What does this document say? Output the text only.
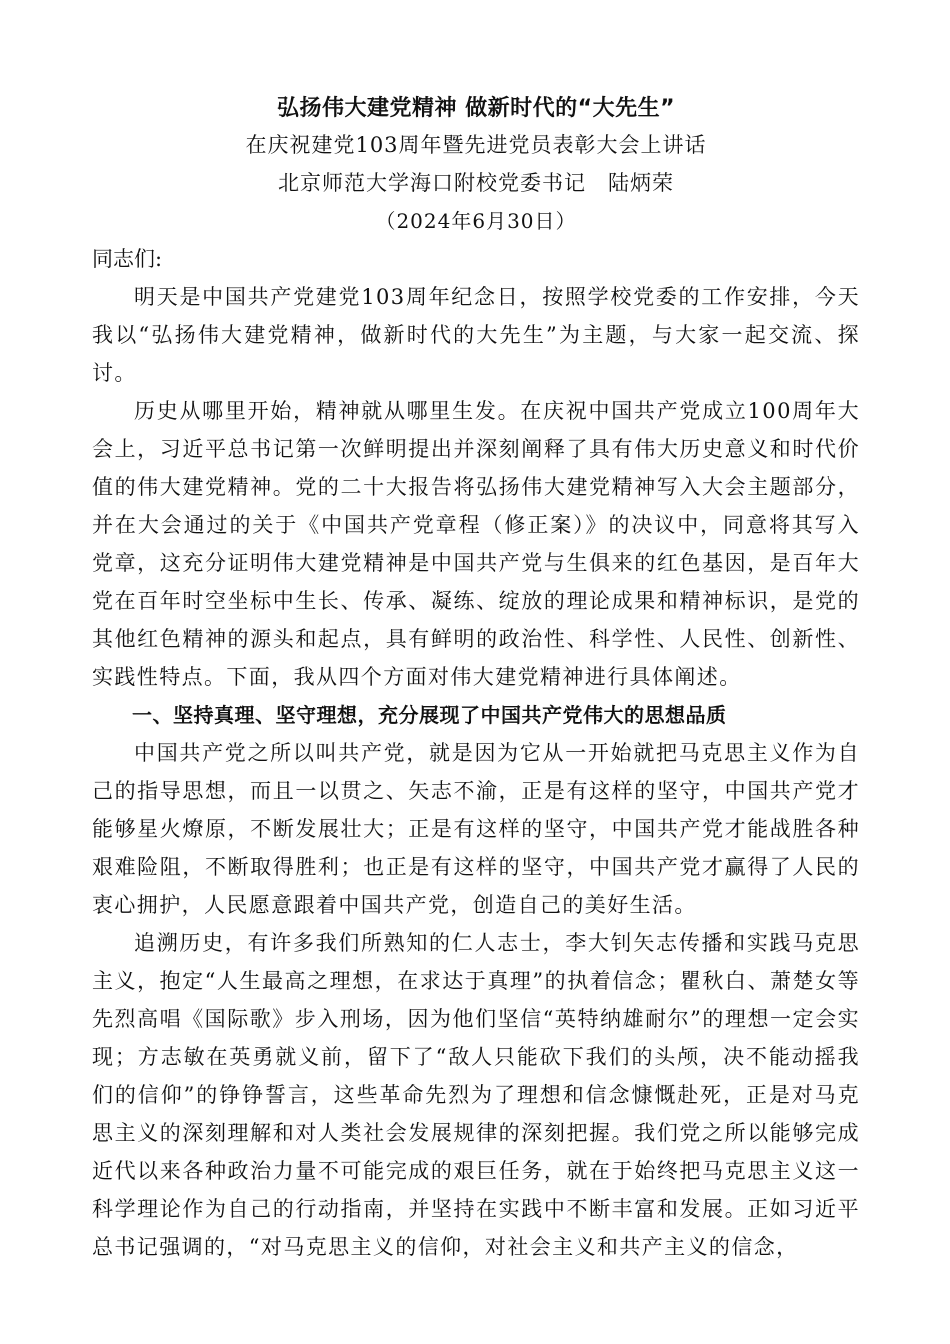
弘扬伟大建党精神 做新时代的“大先生”

在庆祝建党103周年暨先进党员表彰大会上讲话

北京师范大学海口附校党委书记　陆炳荣

（2024年6月30日）

同志们:

明天是中国共产党建党103周年纪念日，按照学校党委的工作安排，今天我以“弘扬伟大建党精神，做新时代的大先生”为主题，与大家一起交流、探讨。

历史从哪里开始，精神就从哪里生发。在庆祝中国共产党成立100周年大会上，习近平总书记第一次鲜明提出并深刻阐释了具有伟大历史意义和时代价值的伟大建党精神。党的二十大报告将弘扬伟大建党精神写入大会主题部分，并在大会通过的关于《中国共产党章程（修正案）》的决议中，同意将其写入党章，这充分证明伟大建党精神是中国共产党与生俱来的红色基因，是百年大党在百年时空坐标中生长、传承、凝练、绽放的理论成果和精神标识，是党的其他红色精神的源头和起点，具有鲜明的政治性、科学性、人民性、创新性、实践性特点。下面，我从四个方面对伟大建党精神进行具体阐述。

一、坚持真理、坚守理想，充分展现了中国共产党伟大的思想品质

中国共产党之所以叫共产党，就是因为它从一开始就把马克思主义作为自己的指导思想，而且一以贯之、矢志不渝，正是有这样的坚守，中国共产党才能够星火燎原，不断发展壮大；正是有这样的坚守，中国共产党才能战胜各种艰难险阻，不断取得胜利；也正是有这样的坚守，中国共产党才赢得了人民的衷心拥护，人民愿意跟着中国共产党，创造自己的美好生活。

追溯历史，有许多我们所熟知的仁人志士，李大钊矢志传播和实践马克思主义，抱定“人生最高之理想，在求达于真理”的执着信念；瞿秋白、萧楚女等先烈高唱《国际歌》步入刑场，因为他们坚信“英特纳雄耐尔”的理想一定会实现；方志敏在英勇就义前，留下了“敌人只能砍下我们的头颅，决不能动摇我们的信仰”的铮铮誓言，这些革命先烈为了理想和信念慷慨赴死，正是对马克思主义的深刻理解和对人类社会发展规律的深刻把握。我们党之所以能够完成近代以来各种政治力量不可能完成的艰巨任务，就在于始终把马克思主义这一科学理论作为自己的行动指南，并坚持在实践中不断丰富和发展。正如习近平总书记强调的，“对马克思主义的信仰，对社会主义和共产主义的信念，
